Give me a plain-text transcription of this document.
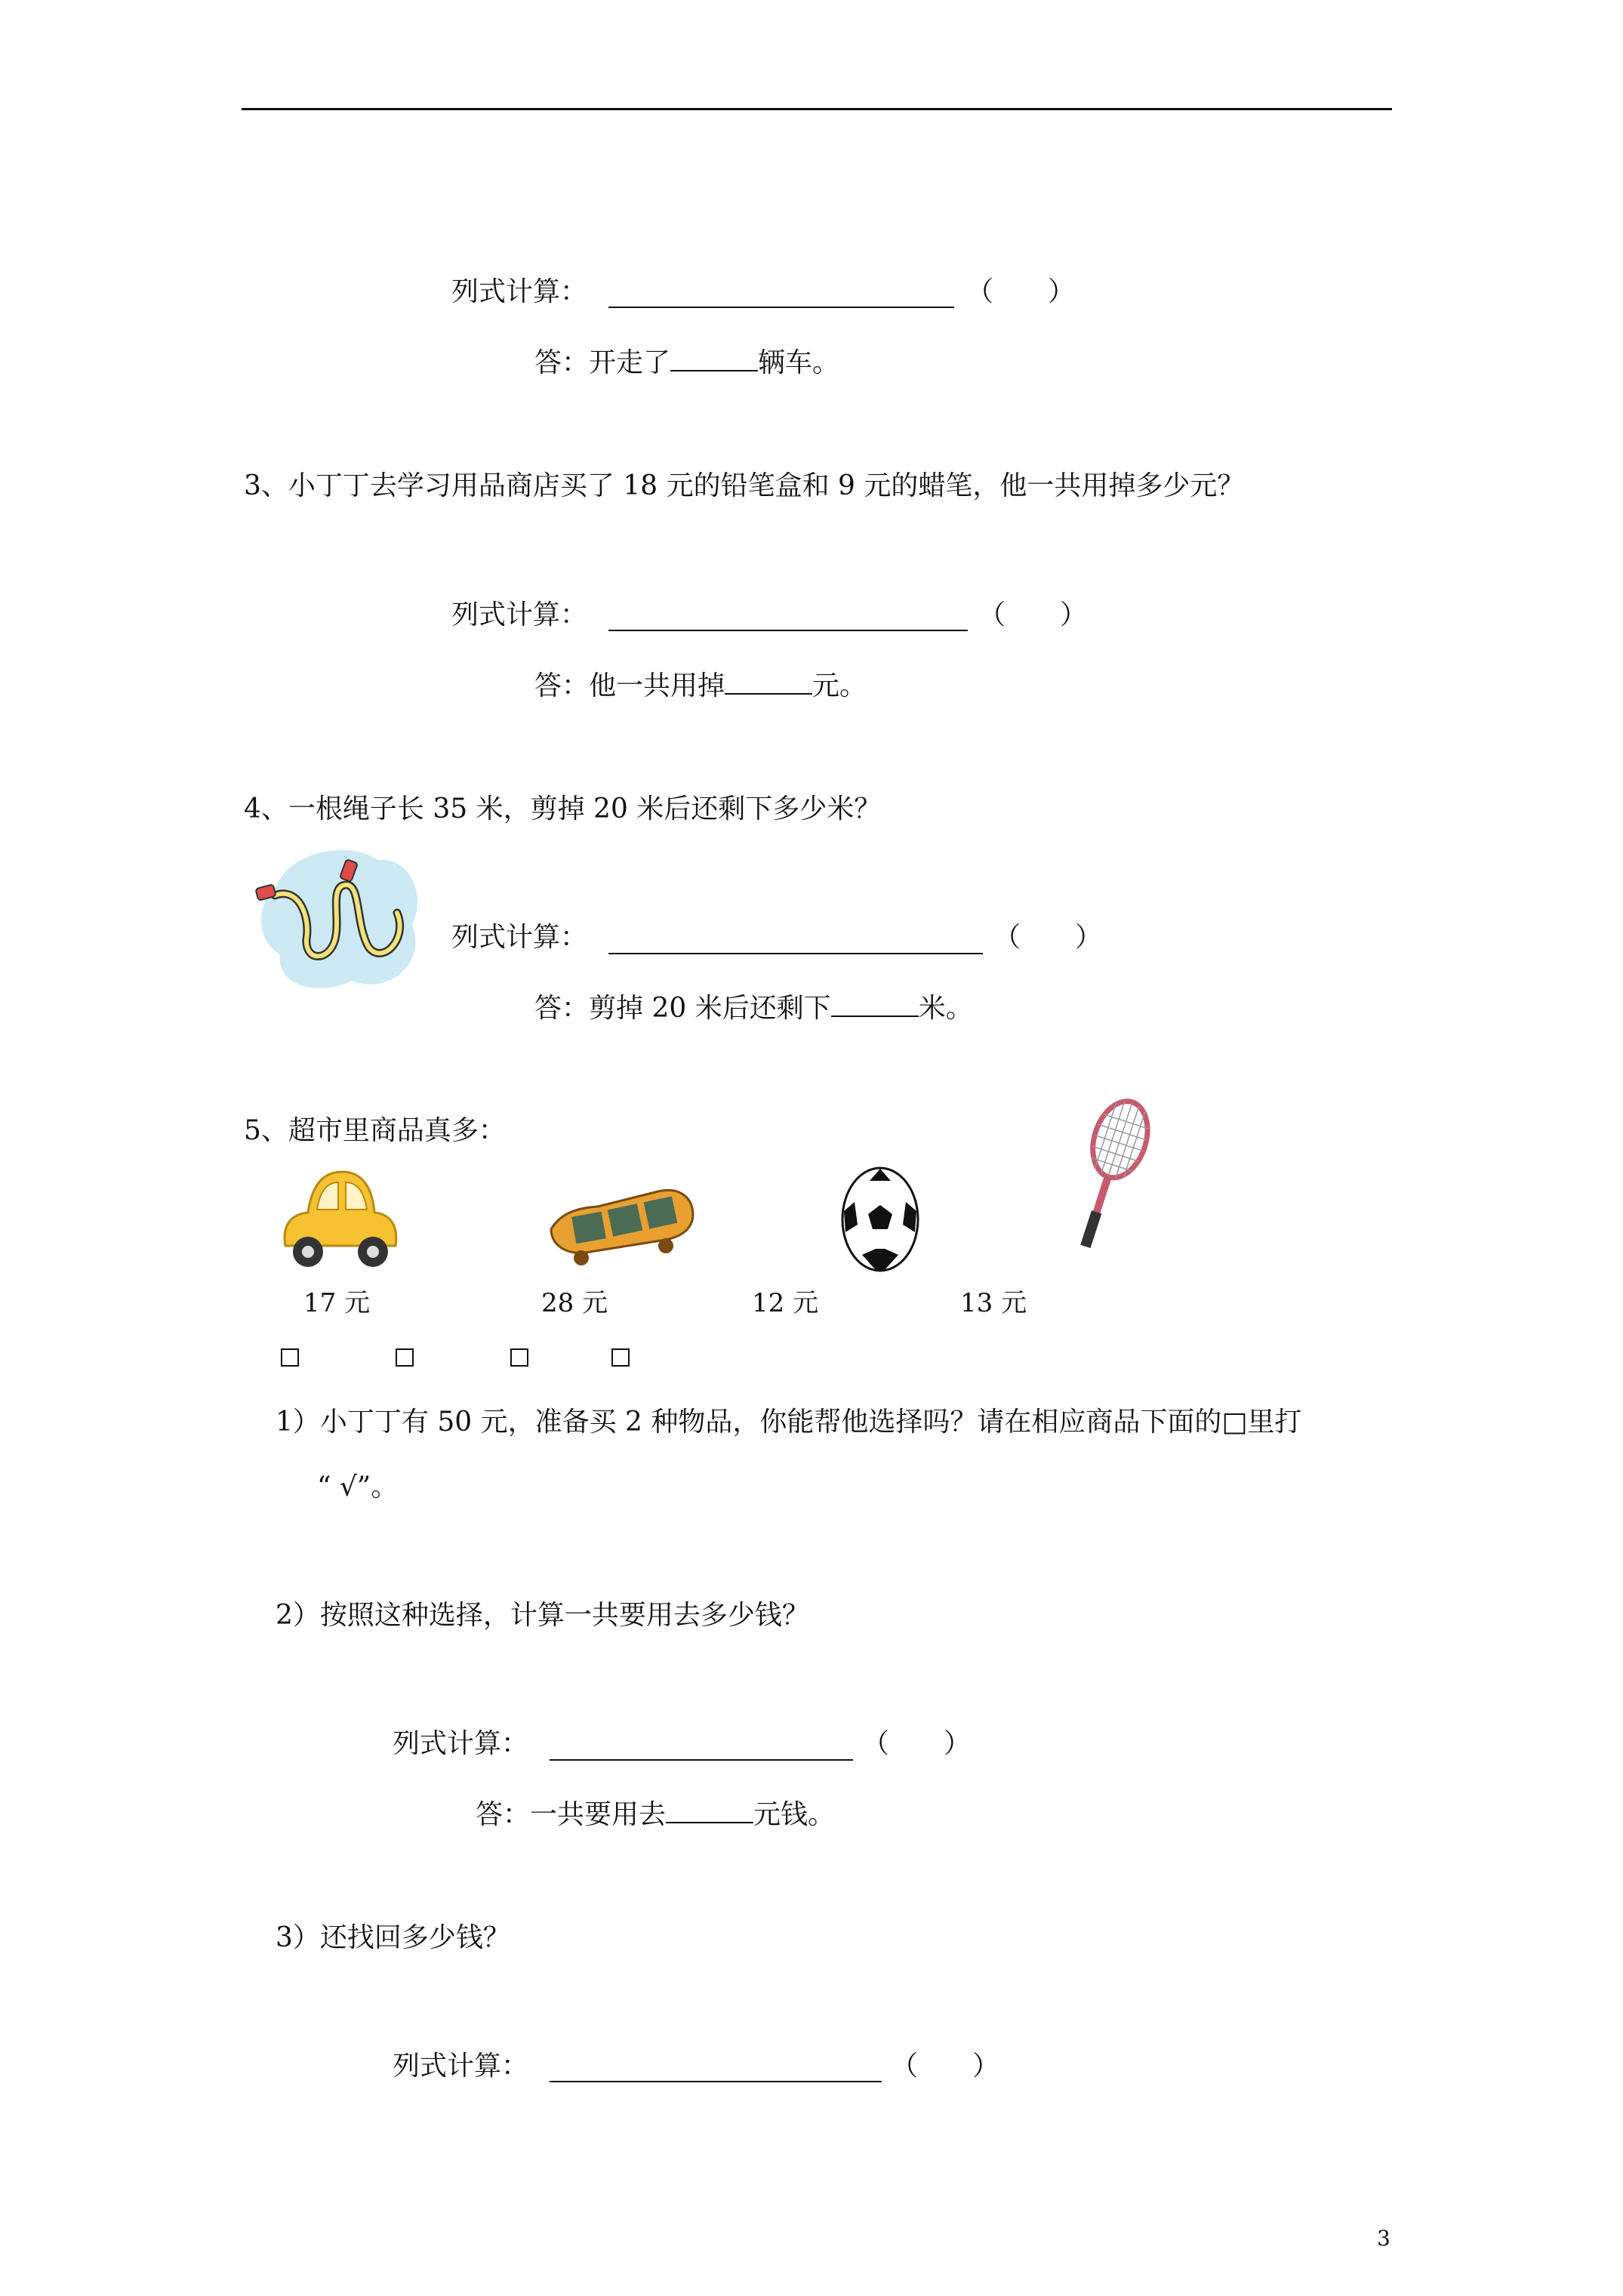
列式计算：	（　　）
答：开走了	辆车。
3、小丁丁去学习用品商店买了 18 元的铅笔盒和 9 元的蜡笔，他一共用掉多少元？
列式计算：	（　　）
答：他一共用掉	元。
4、一根绳子长 35 米，剪掉 20 米后还剩下多少米？
列式计算：	（　　）
答：剪掉 20 米后还剩下	米。
5、超市里商品真多：
17 元	28 元	12 元	13 元
1）小丁丁有 50 元，准备买 2 种物品，你能帮他选择吗？请在相应商品下面的□里打
“ √”。
2）按照这种选择，计算一共要用去多少钱？
列式计算：	（　　）
答：一共要用去	元钱。
3）还找回多少钱？
列式计算：	（　　）
3
